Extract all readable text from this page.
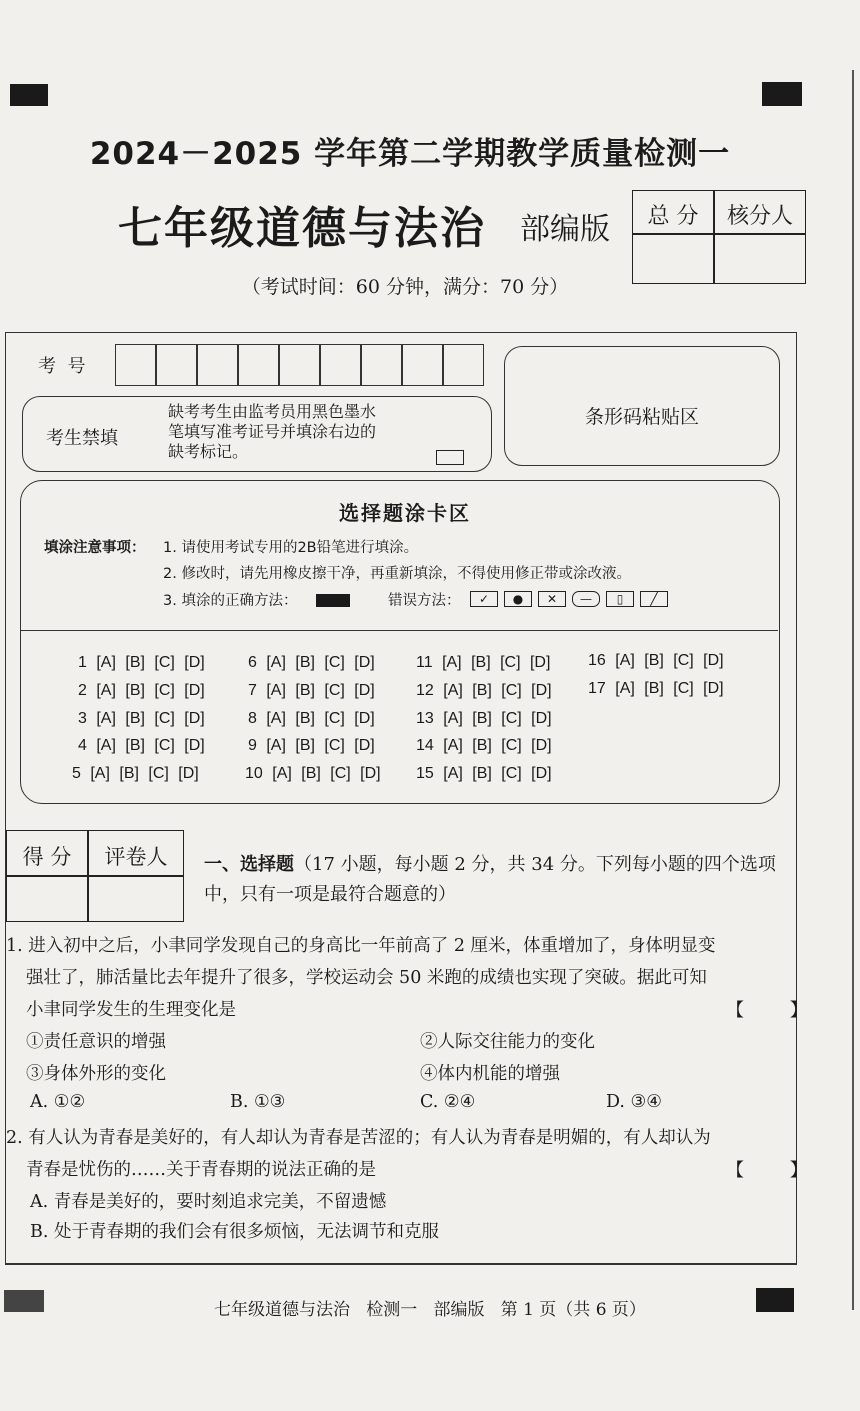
2024－2025 学年第二学期教学质量检测一
七年级道德与法治 部编版	总 分	核分人
（考试时间：60 分钟，满分：70 分）
考  号
考生禁填
缺考考生由监考员用黑色墨水
笔填写准考证号并填涂右边的
缺考标记。
条形码粘贴区
选择题涂卡区
填涂注意事项： 1. 请使用考试专用的2B铅笔进行填涂。
2. 修改时，请先用橡皮擦干净，再重新填涂，不得使用修正带或涂改液。
3. 填涂的正确方法：	错误方法：	✓ ● ✕ — ▯ ╱
1 [A] [B] [C] [D]
2 [A] [B] [C] [D]
3 [A] [B] [C] [D]
4 [A] [B] [C] [D]
5 [A] [B] [C] [D]
6 [A] [B] [C] [D]
7 [A] [B] [C] [D]
8 [A] [B] [C] [D]
9 [A] [B] [C] [D]
10 [A] [B] [C] [D]
11 [A] [B] [C] [D]
12 [A] [B] [C] [D]
13 [A] [B] [C] [D]
14 [A] [B] [C] [D]
15 [A] [B] [C] [D]
16 [A] [B] [C] [D]
17 [A] [B] [C] [D]
得 分	评卷人	一、选择题（17 小题，每小题 2 分，共 34 分。下列每小题的四个选项
中，只有一项是最符合题意的）
1. 进入初中之后，小聿同学发现自己的身高比一年前高了 2 厘米，体重增加了，身体明显变
强壮了，肺活量比去年提升了很多，学校运动会 50 米跑的成绩也实现了突破。据此可知
小聿同学发生的生理变化是	【        】
①责任意识的增强	②人际交往能力的变化
③身体外形的变化	④体内机能的增强
A. ①②	B. ①③	C. ②④	D. ③④
2. 有人认为青春是美好的，有人却认为青春是苦涩的；有人认为青春是明媚的，有人却认为
青春是忧伤的……关于青春期的说法正确的是	【        】
A. 青春是美好的，要时刻追求完美，不留遗憾
B. 处于青春期的我们会有很多烦恼，无法调节和克服
七年级道德与法治   检测一   部编版   第 1 页（共 6 页）
